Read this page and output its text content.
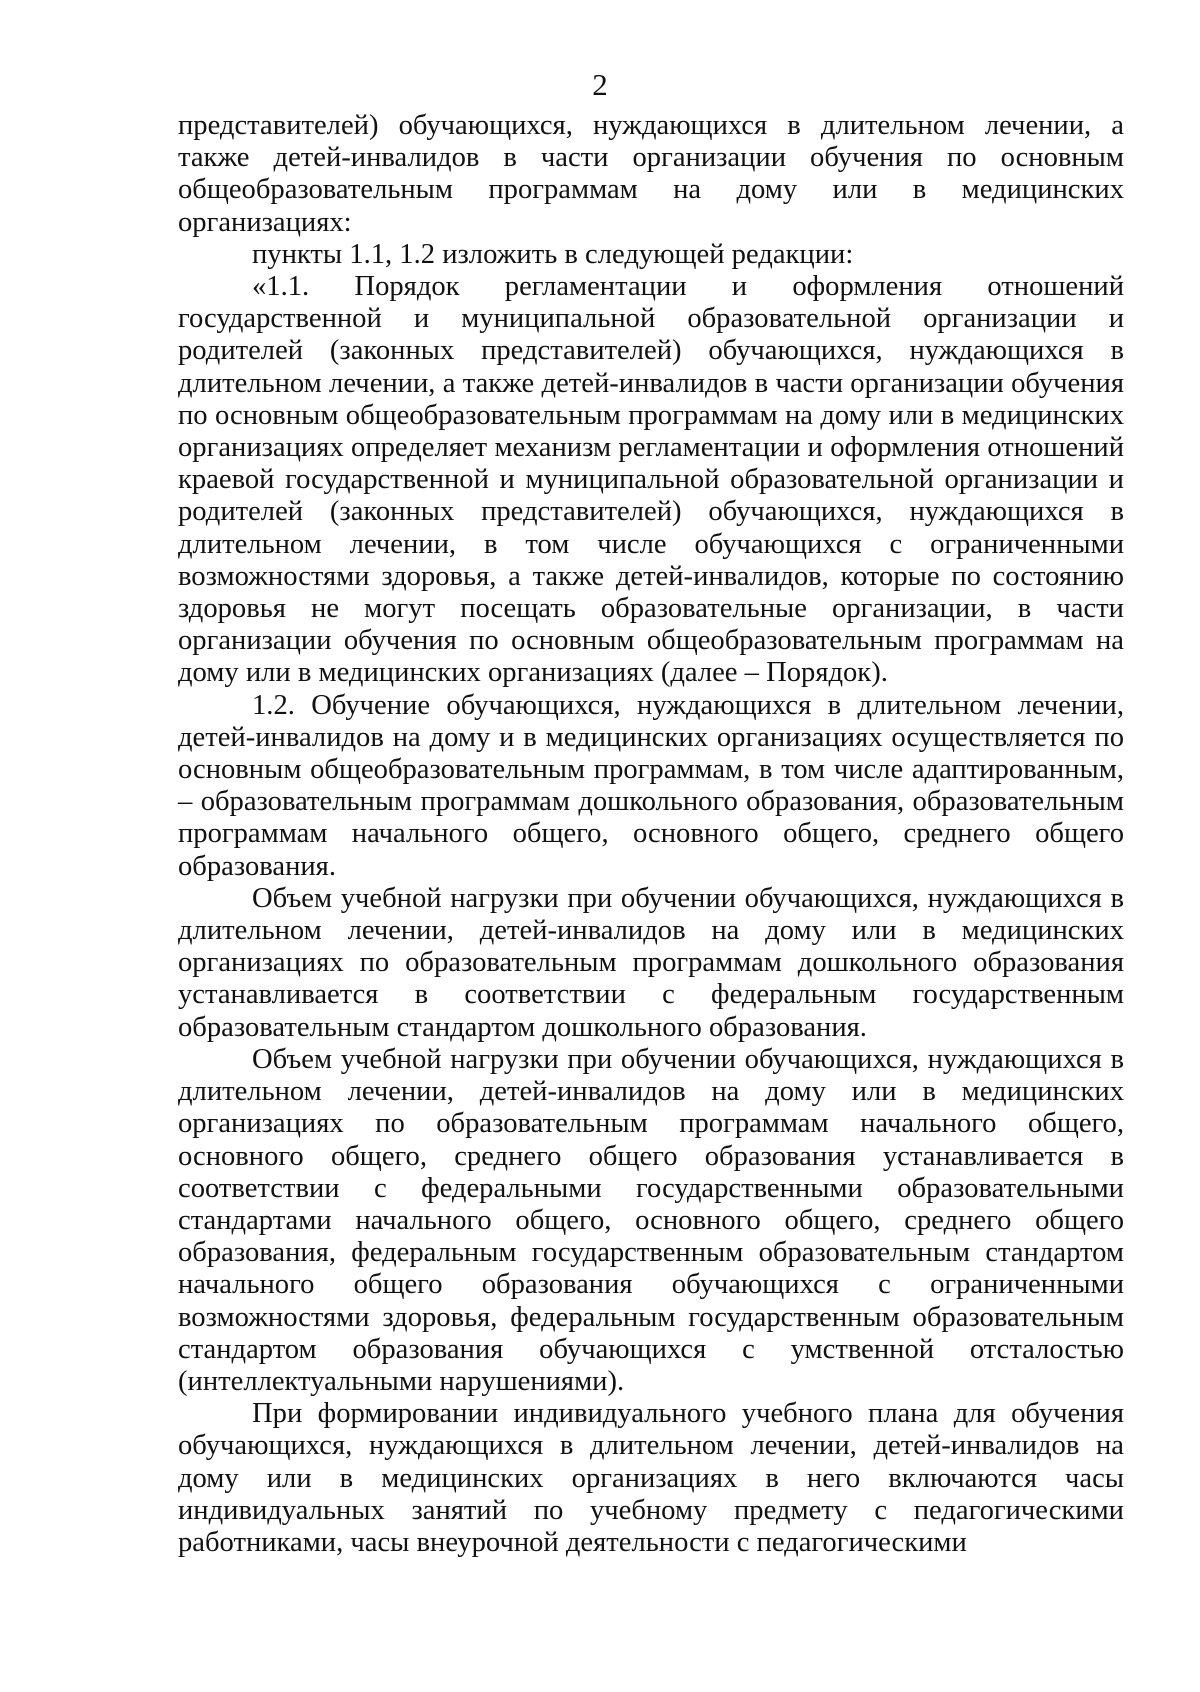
2

представителей) обучающихся, нуждающихся в длительном лечении, а также детей-инвалидов в части организации обучения по основным общеобразовательным программам на дому или в медицинских организациях:

пункты 1.1, 1.2 изложить в следующей редакции:

«1.1. Порядок регламентации и оформления отношений государственной и муниципальной образовательной организации и родителей (законных представителей) обучающихся, нуждающихся в длительном лечении, а также детей-инвалидов в части организации обучения по основным общеобразовательным программам на дому или в медицинских организациях определяет механизм регламентации и оформления отношений краевой государственной и муниципальной образовательной организации и родителей (законных представителей) обучающихся, нуждающихся в длительном лечении, в том числе обучающихся с ограниченными возможностями здоровья, а также детей-инвалидов, которые по состоянию здоровья не могут посещать образовательные организации, в части организации обучения по основным общеобразовательным программам на дому или в медицинских организациях (далее – Порядок).

1.2. Обучение обучающихся, нуждающихся в длительном лечении, детей-инвалидов на дому и в медицинских организациях осуществляется по основным общеобразовательным программам, в том числе адаптированным, – образовательным программам дошкольного образования, образовательным программам начального общего, основного общего, среднего общего образования.

Объем учебной нагрузки при обучении обучающихся, нуждающихся в длительном лечении, детей-инвалидов на дому или в медицинских организациях по образовательным программам дошкольного образования устанавливается в соответствии с федеральным государственным образовательным стандартом дошкольного образования.

Объем учебной нагрузки при обучении обучающихся, нуждающихся в длительном лечении, детей-инвалидов на дому или в медицинских организациях по образовательным программам начального общего, основного общего, среднего общего образования устанавливается в соответствии с федеральными государственными образовательными стандартами начального общего, основного общего, среднего общего образования, федеральным государственным образовательным стандартом начального общего образования обучающихся с ограниченными возможностями здоровья, федеральным государственным образовательным стандартом образования обучающихся с умственной отсталостью (интеллектуальными нарушениями).

При формировании индивидуального учебного плана для обучения обучающихся, нуждающихся в длительном лечении, детей-инвалидов на дому или в медицинских организациях в него включаются часы индивидуальных занятий по учебному предмету с педагогическими работниками, часы внеурочной деятельности с педагогическими
